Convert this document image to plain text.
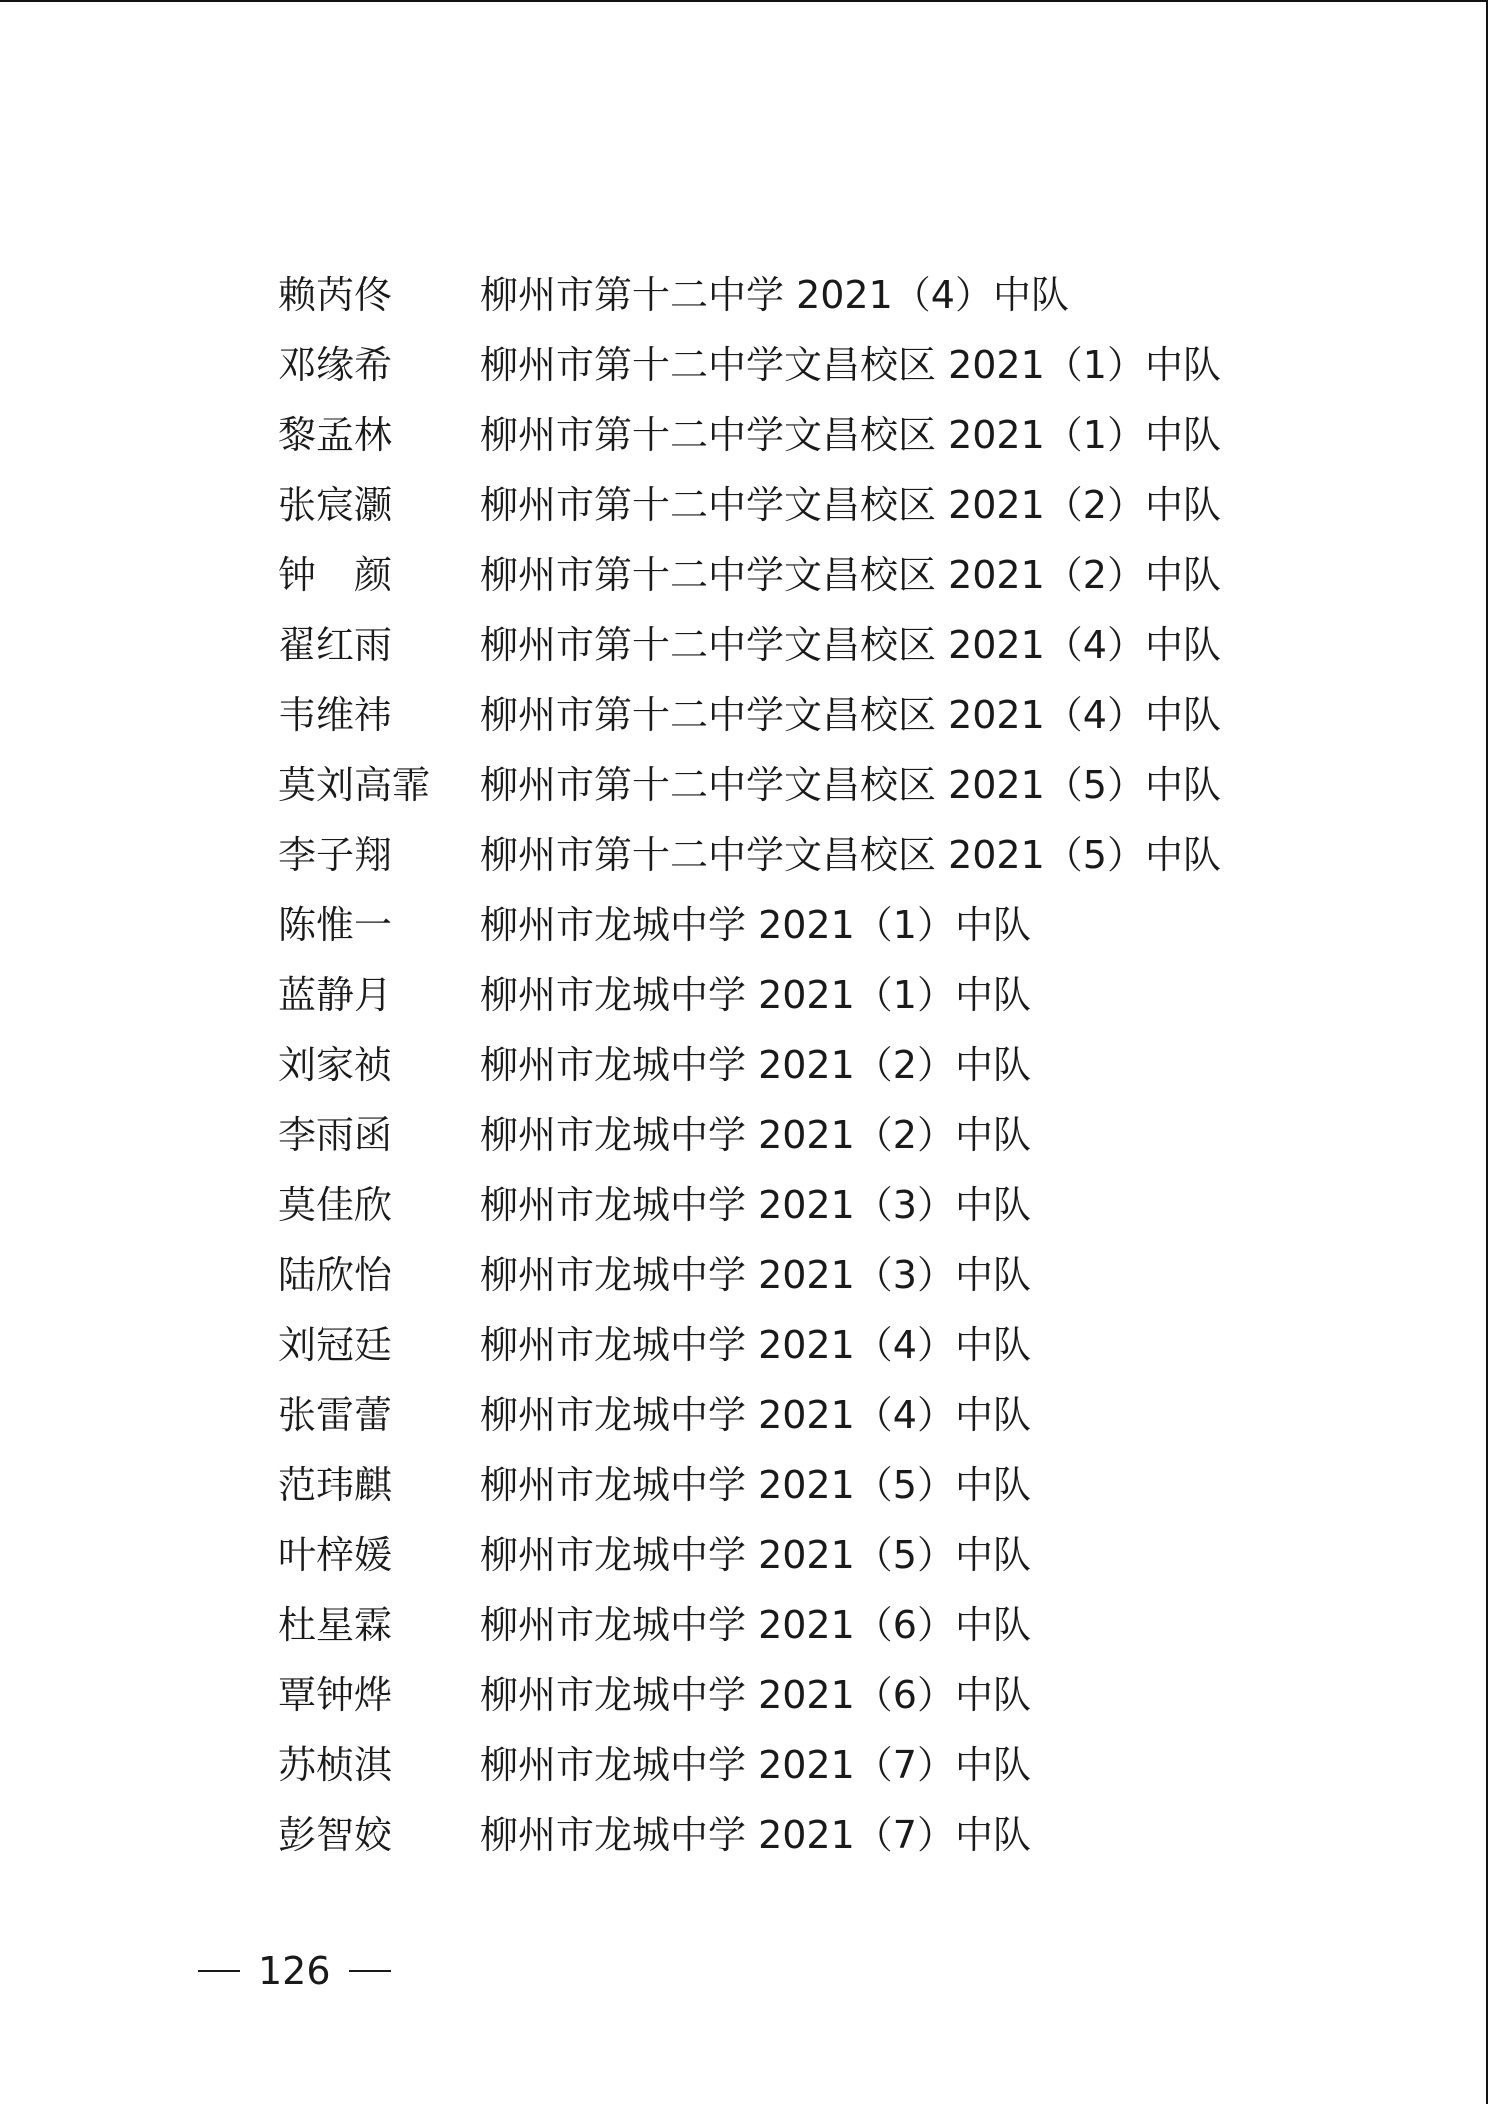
赖芮佟 柳州市第十二中学 2021（4）中队
邓缘希 柳州市第十二中学文昌校区 2021（1）中队
黎孟林 柳州市第十二中学文昌校区 2021（1）中队
张宸灏 柳州市第十二中学文昌校区 2021（2）中队
钟　颜 柳州市第十二中学文昌校区 2021（2）中队
翟红雨 柳州市第十二中学文昌校区 2021（4）中队
韦维祎 柳州市第十二中学文昌校区 2021（4）中队
莫刘高霏 柳州市第十二中学文昌校区 2021（5）中队
李子翔 柳州市第十二中学文昌校区 2021（5）中队
陈惟一 柳州市龙城中学 2021（1）中队
蓝静月 柳州市龙城中学 2021（1）中队
刘家祯 柳州市龙城中学 2021（2）中队
李雨函 柳州市龙城中学 2021（2）中队
莫佳欣 柳州市龙城中学 2021（3）中队
陆欣怡 柳州市龙城中学 2021（3）中队
刘冠廷 柳州市龙城中学 2021（4）中队
张雷蕾 柳州市龙城中学 2021（4）中队
范玮麒 柳州市龙城中学 2021（5）中队
叶梓媛 柳州市龙城中学 2021（5）中队
杜星霖 柳州市龙城中学 2021（6）中队
覃钟烨 柳州市龙城中学 2021（6）中队
苏桢淇 柳州市龙城中学 2021（7）中队
彭智姣 柳州市龙城中学 2021（7）中队
126
